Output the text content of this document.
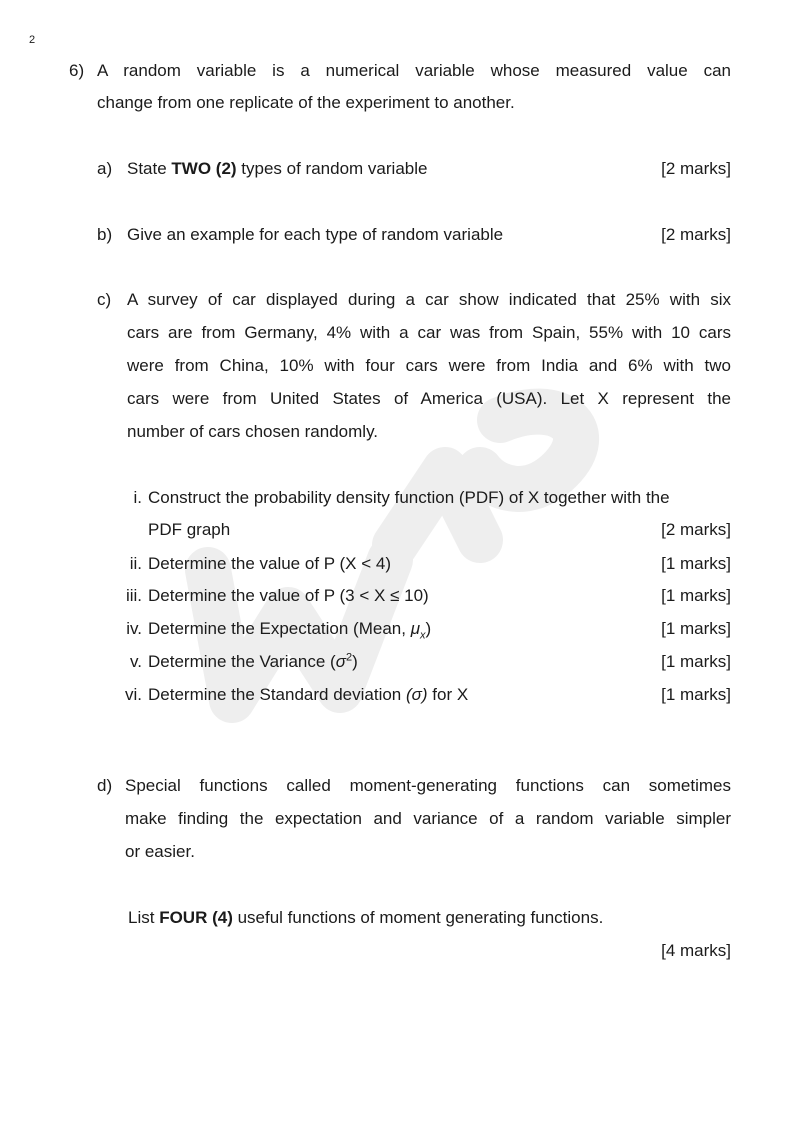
2
6) A random variable is a numerical variable whose measured value can
change from one replicate of the experiment to another.
a) State TWO (2) types of random variable	[2 marks]
b) Give an example for each type of random variable	[2 marks]
c) A survey of car displayed during a car show indicated that 25% with six
cars are from Germany, 4% with a car was from Spain, 55% with 10 cars
were from China, 10% with four cars were from India and 6% with two
cars were from United States of America (USA). Let X represent the
number of cars chosen randomly.
i. Construct the probability density function (PDF) of X together with the
PDF graph	[2 marks]
ii. Determine the value of P (X < 4)	[1 marks]
iii. Determine the value of P (3 < X ≤ 10)	[1 marks]
iv. Determine the Expectation (Mean, $\mu_x$)	[1 marks]
v. Determine the Variance $(\sigma^2)$	[1 marks]
vi. Determine the Standard deviation (σ) for X	[1 marks]
d) Special functions called moment-generating functions can sometimes
make finding the expectation and variance of a random variable simpler
or easier.
List FOUR (4) useful functions of moment generating functions.
[4 marks]
